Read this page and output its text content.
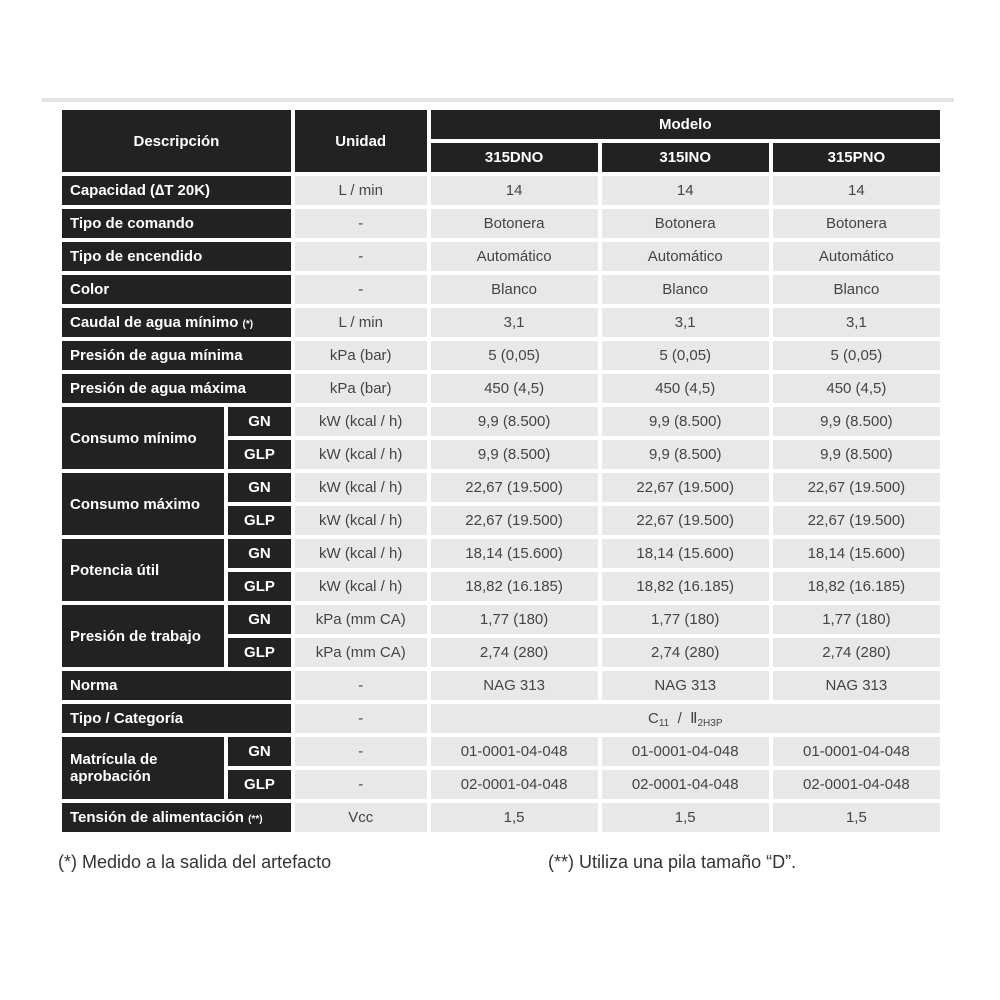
Descripción		Unidad	Modelo		
			315DNO	315INO	315PNO
Capacidad (∆T 20K)		L / min	14	14	14
Tipo de comando		-	Botonera	Botonera	Botonera
Tipo de encendido		-	Automático	Automático	Automático
Color		-	Blanco	Blanco	Blanco
Caudal de agua mínimo (*)		L / min	3,1	3,1	3,1
Presión de agua mínima		kPa (bar)	5 (0,05)	5 (0,05)	5 (0,05)
Presión de agua máxima		kPa (bar)	450 (4,5)	450 (4,5)	450 (4,5)
Consumo mínimo	GN	kW (kcal / h)	9,9 (8.500)	9,9 (8.500)	9,9 (8.500)
	GLP	kW (kcal / h)	9,9 (8.500)	9,9 (8.500)	9,9 (8.500)
Consumo máximo	GN	kW (kcal / h)	22,67 (19.500)	22,67 (19.500)	22,67 (19.500)
	GLP	kW (kcal / h)	22,67 (19.500)	22,67 (19.500)	22,67 (19.500)
Potencia útil	GN	kW (kcal / h)	18,14 (15.600)	18,14 (15.600)	18,14 (15.600)
	GLP	kW (kcal / h)	18,82 (16.185)	18,82 (16.185)	18,82 (16.185)
Presión de trabajo	GN	kPa (mm CA)	1,77 (180)	1,77 (180)	1,77 (180)
	GLP	kPa (mm CA)	2,74 (280)	2,74 (280)	2,74 (280)
Norma		-	NAG 313	NAG 313	NAG 313
Tipo / Categoría		-	$C_{11}$ / $Ⅱ_{2H3P}$
Matrícula de aprobación	GN	-	01-0001-04-048	01-0001-04-048	01-0001-04-048
	GLP	-	02-0001-04-048	02-0001-04-048	02-0001-04-048
Tensión de alimentación (**)		Vcc	1,5	1,5	1,5
(*) Medido a la salida del artefacto	(**) Utiliza una pila tamaño “D”.
